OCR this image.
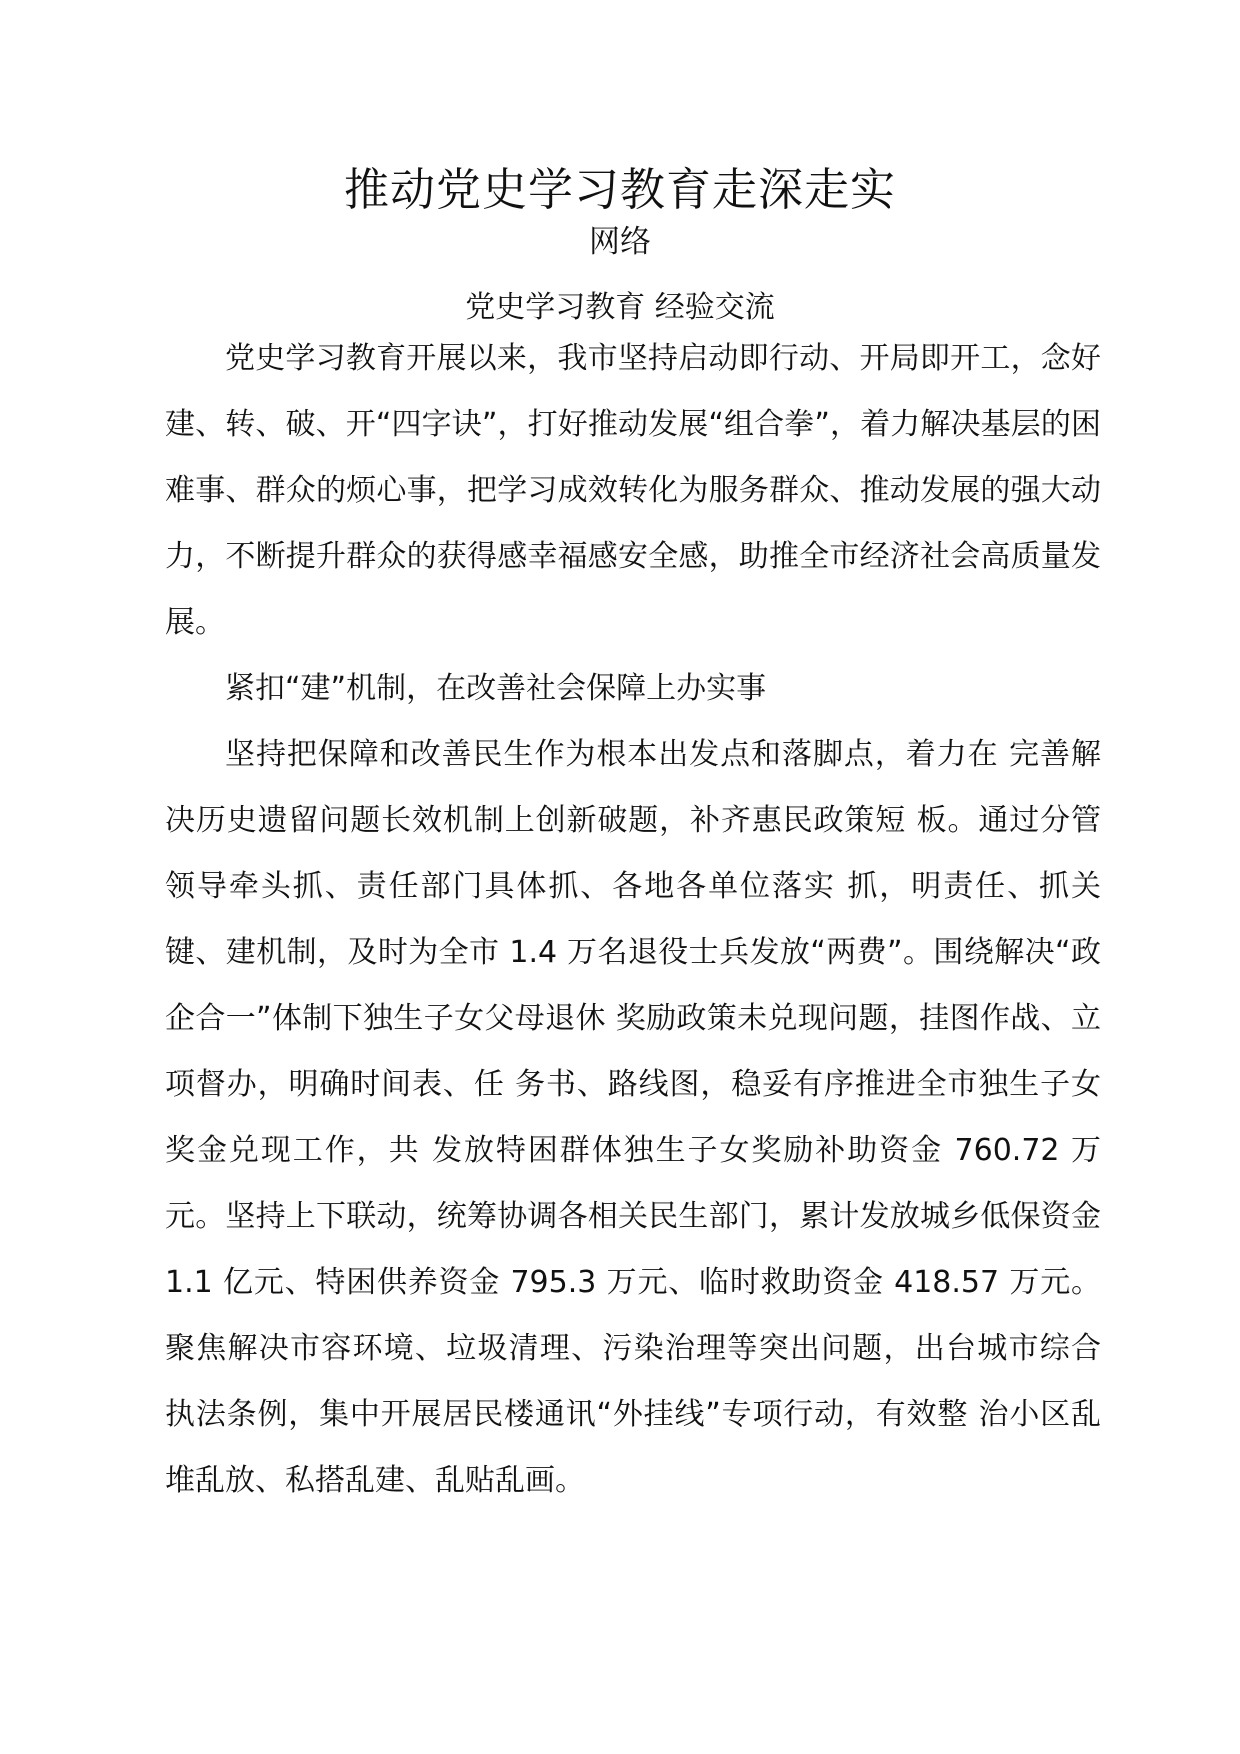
推动党史学习教育走深走实
网络
党史学习教育 经验交流

党史学习教育开展以来，我市坚持启动即行动、开局即开工，念好建、转、破、开“四字诀”，打好推动发展“组合拳”，着力解决基层的困难事、群众的烦心事，把学习成效转化为服务群众、推动发展的强大动力，不断提升群众的获得感幸福感安全感，助推全市经济社会高质量发展。

紧扣“建”机制，在改善社会保障上办实事

坚持把保障和改善民生作为根本出发点和落脚点，着力在 完善解决历史遗留问题长效机制上创新破题，补齐惠民政策短 板。通过分管领导牵头抓、责任部门具体抓、各地各单位落实 抓，明责任、抓关键、建机制，及时为全市 1.4 万名退役士兵发放“两费”。围绕解决“政企合一”体制下独生子女父母退休 奖励政策未兑现问题，挂图作战、立项督办，明确时间表、任 务书、路线图，稳妥有序推进全市独生子女奖金兑现工作，共 发放特困群体独生子女奖励补助资金 760.72 万元。坚持上下联动，统筹协调各相关民生部门，累计发放城乡低保资金 1.1 亿元、特困供养资金 795.3 万元、临时救助资金 418.57 万元。聚焦解决市容环境、垃圾清理、污染治理等突出问题，出台城市综合 执法条例，集中开展居民楼通讯“外挂线”专项行动，有效整 治小区乱堆乱放、私搭乱建、乱贴乱画。
